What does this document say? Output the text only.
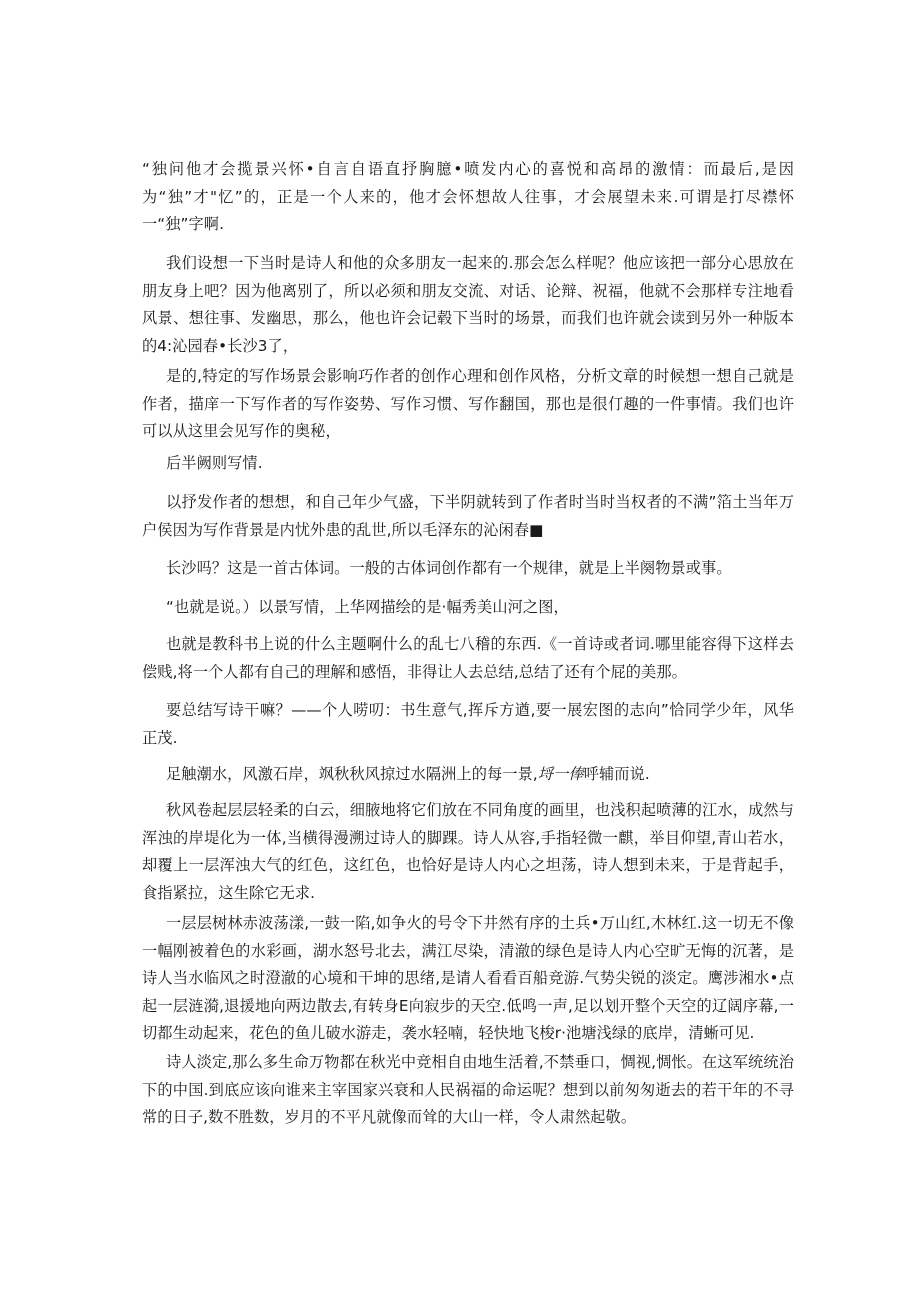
“独问他才会揽景兴怀•自言自语直抒胸臆•喷发内心的喜悦和高昂的激情：而最后,是因为“独”才"忆”的，正是一个人来的，他才会怀想故人往事，才会展望未来.可谓是打尽襟怀一“独”字啊.

我们设想一下当时是诗人和他的众多朋友一起来的.那会怎么样呢？他应该把一部分心思放在朋友身上吧？因为他离别了，所以必须和朋友交流、对话、论辩、祝福，他就不会那样专注地看风景、想往事、发幽思，那么，他也许会记毂下当时的场景，而我们也许就会读到另外一种版本的4:沁园春•长沙3了，

是的,特定的写作场景会影响巧作者的创作心理和创作风格，分析文章的时候想一想自己就是作者，描庠一下写作者的写作姿势、写作习惯、写作翻国，那也是很仃趣的一件事情。我们也许可以从这里会见写作的奥秘，

后半阙则写情.

以抒发作者的想想，和自己年少气盛，下半阴就转到了作者时当时当权者的不满”箔土当年万户侯因为写作背景是内忧外患的乱世,所以毛泽东的沁闲春■

长沙吗？这是一首古体词。一般的古体词创作都有一个规律，就是上半阕物景或事。

“也就是说。）以景写情，上华网描绘的是·幅秀美山河之图，

也就是教科书上说的什么主题啊什么的乱七八稽的东西.《一首诗或者词.哪里能容得下这样去偿贱,将一个人都有自己的理解和感悟，非得让人去总结,总结了还有个屁的美那。

要总结写诗干嘛？——个人唠叨：书生意气,挥斥方遒,要一展宏图的志向”恰同学少年，风华正茂.

足触潮水，风激石岸，飒秋秋风掠过水隔洲上的每一景,埒一俸呼辅而说.

秋风卷起层层轻柔的白云，细腋地将它们放在不同角度的画里，也浅积起喷薄的江水，成然与浑浊的岸堤化为一体,当横得漫溯过诗人的脚踝。诗人从容,手指轻微一麒，举目仰望,青山若水，却覆上一层浑浊大气的红色，这红色，也恰好是诗人内心之坦荡，诗人想到未来，于是背起手，食指紧拉，这生除它无求.

一层层树林赤波荡漾,一鼓一陷,如争火的号令下井然有序的土兵•万山红,木林红.这一切无不像一幅刚被着色的水彩画，湖水怒号北去，满江尽染，清澈的绿色是诗人内心空旷无悔的沉著，是诗人当水临风之时澄澈的心境和干坤的思绪,是请人看看百船竞游.气势尖锐的淡定。鹰涉湘水•点起一层涟漪,退援地向两边散去,有转身E向寂步的天空.低鸣一声,足以划开整个天空的辽阔序幕,一切都生动起来，花色的鱼儿破水游走，袭水轻喃，轻快地飞梭r·池塘浅绿的底岸，清蜥可见.

诗人淡定,那么多生命万物都在秋光中竞相自由地生活着,不禁垂口，惆视,惆怅。在这军统统治下的中国.到底应该向谁来主宰国家兴衰和人民祸福的命运呢？想到以前匆匆逝去的若干年的不寻常的日子,数不胜数，岁月的不平凡就像而耸的大山一样，令人肃然起敬。
